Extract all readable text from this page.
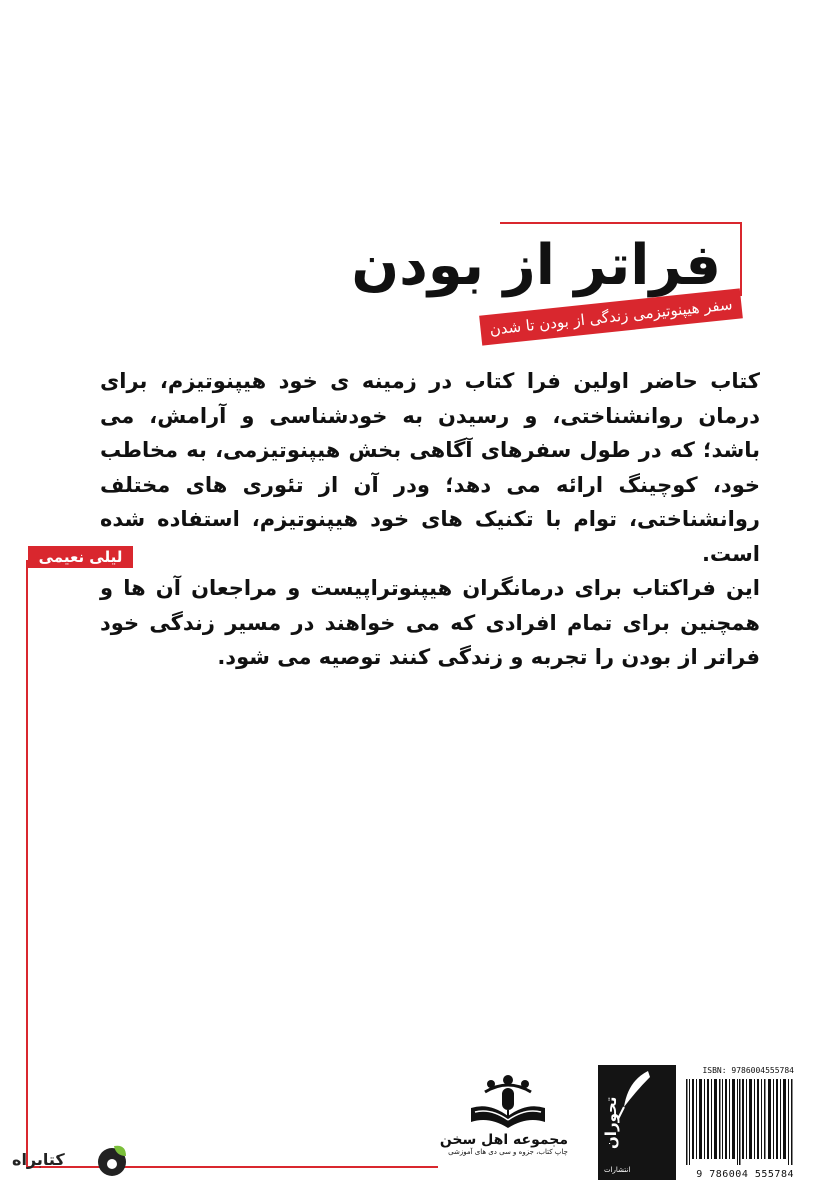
فراتر از بودن
سفر هیپنوتیزمی زندگی از بودن تا شدن

کتاب حاضر اولین فرا کتاب در زمینه ی خود هیپنوتیزم، برای درمان روانشناختی، و رسیدن به خودشناسی و آرامش، می باشد؛ که در طول سفرهای آگاهی بخش هیپنوتیزمی، به مخاطب خود، کوچینگ ارائه می دهد؛ ودر آن از تئوری های مختلف روانشناختی، توام با تکنیک های خود هیپنوتیزم، استفاده شده است.

این فراکتاب برای درمانگران هیپنوتراپیست و مراجعان آن ها و همچنین برای تمام افرادی که می خواهند در مسیر زندگی خود فراتر از بودن را تجربه و زندگی کنند توصیه می شود.

لیلی نعیمی
مجموعه اهل سخن
چاپ کتاب، جزوه و سی دی های آموزشی
تحوران
انتشارات
ISBN: 9786004555784
9 786004 555784
کتابراه
